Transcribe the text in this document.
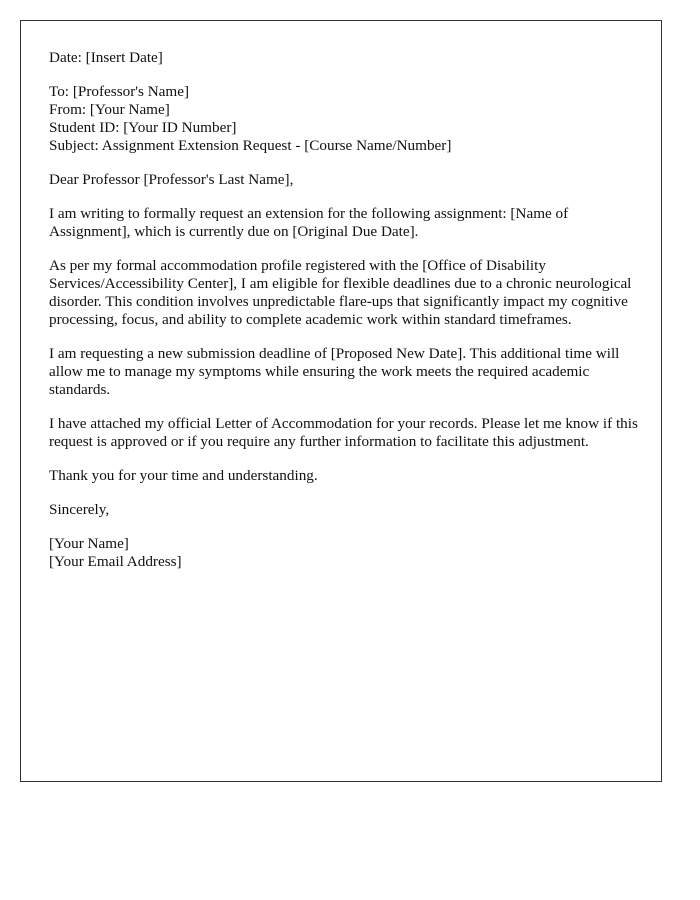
Date: [Insert Date]

To: [Professor's Name]
From: [Your Name]
Student ID: [Your ID Number]
Subject: Assignment Extension Request - [Course Name/Number]

Dear Professor [Professor's Last Name],

I am writing to formally request an extension for the following assignment: [Name of Assignment], which is currently due on [Original Due Date].

As per my formal accommodation profile registered with the [Office of Disability Services/Accessibility Center], I am eligible for flexible deadlines due to a chronic neurological disorder. This condition involves unpredictable flare-ups that significantly impact my cognitive processing, focus, and ability to complete academic work within standard timeframes.

I am requesting a new submission deadline of [Proposed New Date]. This additional time will allow me to manage my symptoms while ensuring the work meets the required academic standards.

I have attached my official Letter of Accommodation for your records. Please let me know if this request is approved or if you require any further information to facilitate this adjustment.

Thank you for your time and understanding.

Sincerely,

[Your Name]
[Your Email Address]
